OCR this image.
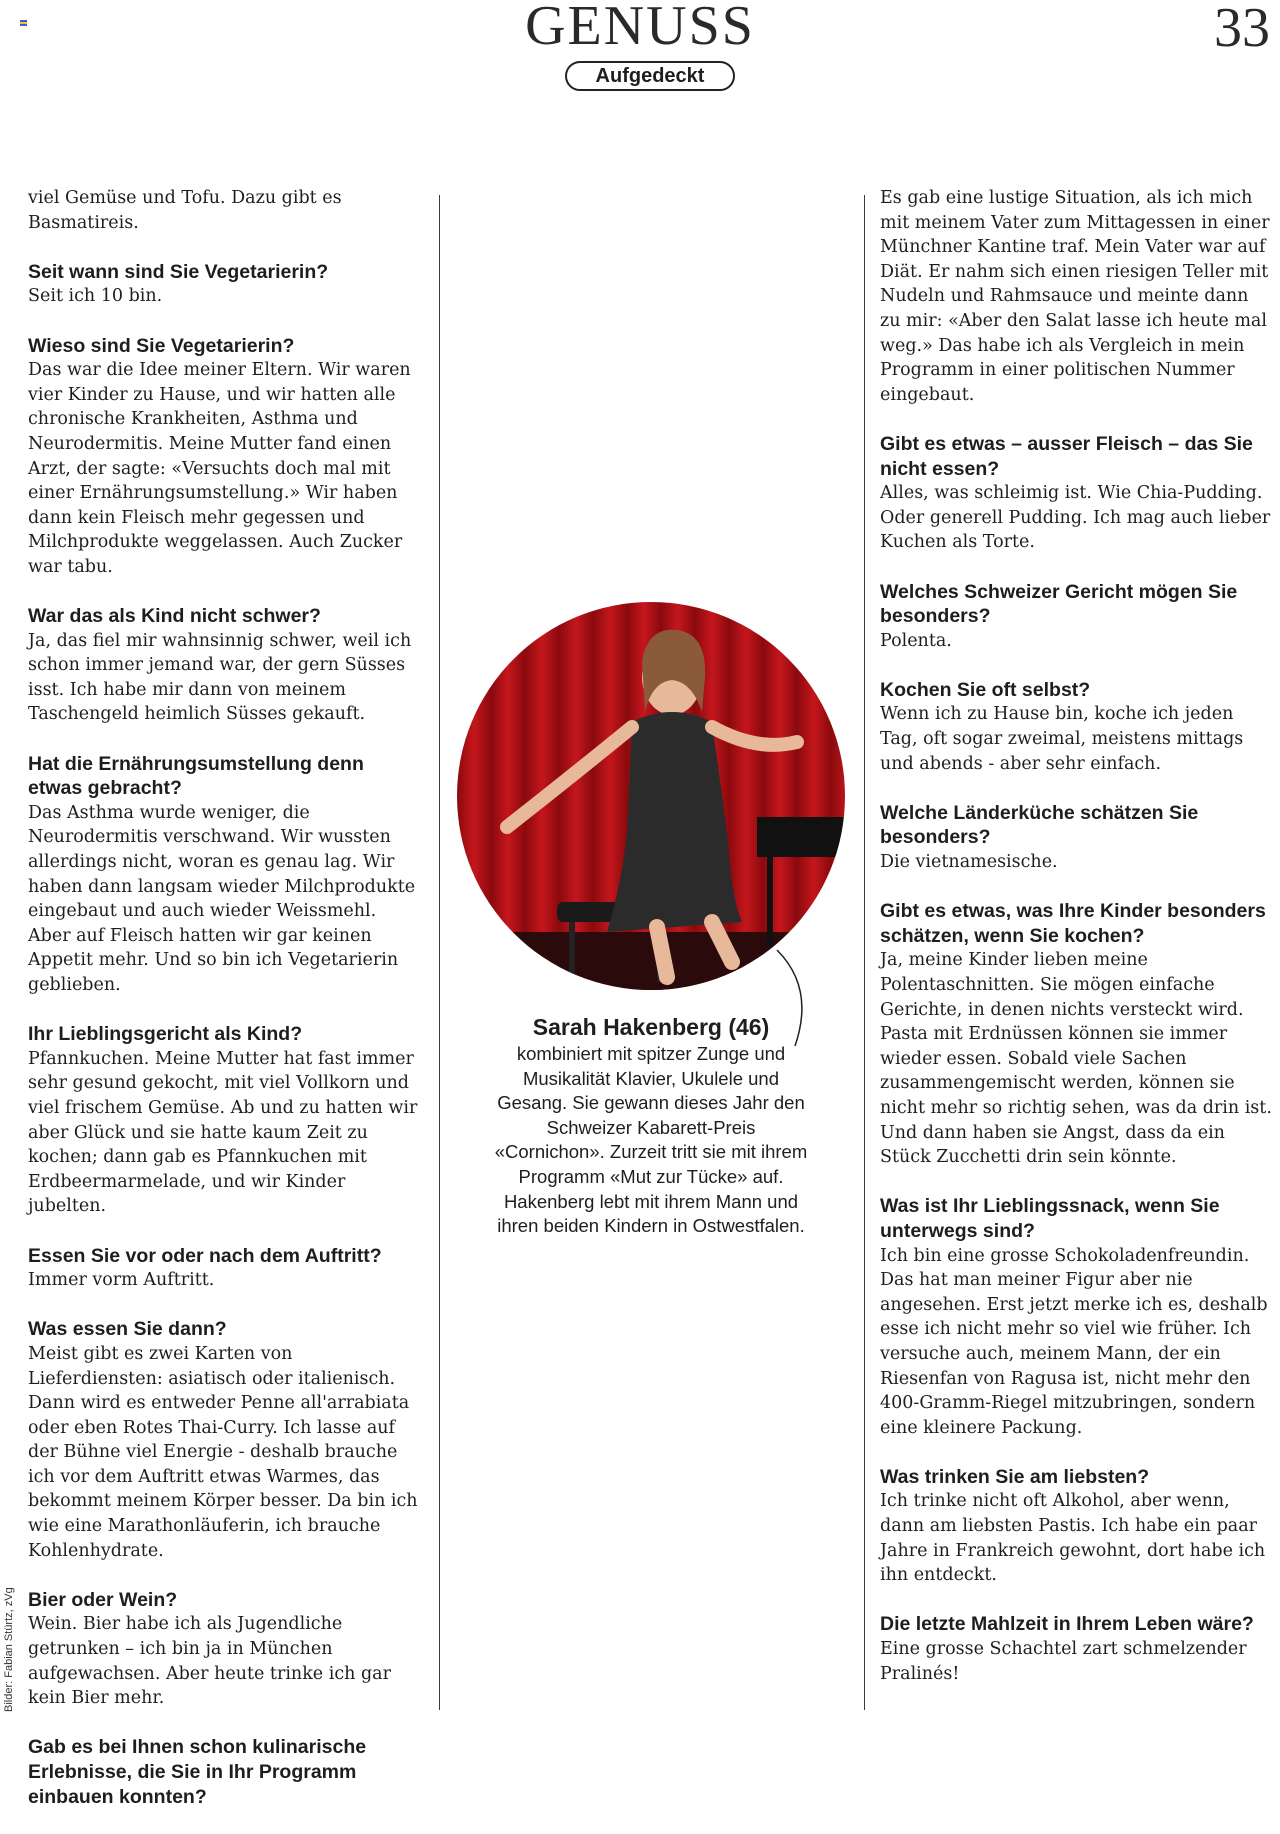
GENUSS
Aufgedeckt
33

viel Gemüse und Tofu. Dazu gibt es Basmatireis.

Seit wann sind Sie Vegetarierin?
Seit ich 10 bin.

Wieso sind Sie Vegetarierin?
Das war die Idee meiner Eltern. Wir waren vier Kinder zu Hause, und wir hatten alle chronische Krankheiten, Asthma und Neurodermitis. Meine Mutter fand einen Arzt, der sagte: «Versuchts doch mal mit einer Ernährungsumstellung.» Wir haben dann kein Fleisch mehr gegessen und Milchprodukte weggelassen. Auch Zucker war tabu.

War das als Kind nicht schwer?
Ja, das fiel mir wahnsinnig schwer, weil ich schon immer jemand war, der gern Süsses isst. Ich habe mir dann von meinem Taschengeld heimlich Süsses gekauft.

Hat die Ernährungsumstellung denn etwas gebracht?
Das Asthma wurde weniger, die Neurodermitis verschwand. Wir wussten allerdings nicht, woran es genau lag. Wir haben dann langsam wieder Milchprodukte eingebaut und auch wieder Weissmehl. Aber auf Fleisch hatten wir gar keinen Appetit mehr. Und so bin ich Vegetarierin geblieben.

Ihr Lieblingsgericht als Kind?
Pfannkuchen. Meine Mutter hat fast immer sehr gesund gekocht, mit viel Vollkorn und viel frischem Gemüse. Ab und zu hatten wir aber Glück und sie hatte kaum Zeit zu kochen; dann gab es Pfannkuchen mit Erdbeermarmelade, und wir Kinder jubelten.

Essen Sie vor oder nach dem Auftritt?
Immer vorm Auftritt.

Was essen Sie dann?
Meist gibt es zwei Karten von Lieferdiensten: asiatisch oder italienisch. Dann wird es entweder Penne all'arrabiata oder eben Rotes Thai-Curry. Ich lasse auf der Bühne viel Energie - deshalb brauche ich vor dem Auftritt etwas Warmes, das bekommt meinem Körper besser. Da bin ich wie eine Marathonläuferin, ich brauche Kohlenhydrate.

Bier oder Wein?
Wein. Bier habe ich als Jugendliche getrunken – ich bin ja in München aufgewachsen. Aber heute trinke ich gar kein Bier mehr.

Gab es bei Ihnen schon kulinarische Erlebnisse, die Sie in Ihr Programm einbauen konnten?

Es gab eine lustige Situation, als ich mich mit meinem Vater zum Mittagessen in einer Münchner Kantine traf. Mein Vater war auf Diät. Er nahm sich einen riesigen Teller mit Nudeln und Rahmsauce und meinte dann zu mir: «Aber den Salat lasse ich heute mal weg.» Das habe ich als Vergleich in mein Programm in einer politischen Nummer eingebaut.

Gibt es etwas – ausser Fleisch – das Sie nicht essen?
Alles, was schleimig ist. Wie Chia-Pudding. Oder generell Pudding. Ich mag auch lieber Kuchen als Torte.

Welches Schweizer Gericht mögen Sie besonders?
Polenta.

Kochen Sie oft selbst?
Wenn ich zu Hause bin, koche ich jeden Tag, oft sogar zweimal, meistens mittags und abends - aber sehr einfach.

Welche Länderküche schätzen Sie besonders?
Die vietnamesische.

Gibt es etwas, was Ihre Kinder besonders schätzen, wenn Sie kochen?
Ja, meine Kinder lieben meine Polentaschnitten. Sie mögen einfache Gerichte, in denen nichts versteckt wird. Pasta mit Erdnüssen können sie immer wieder essen. Sobald viele Sachen zusammengemischt werden, können sie nicht mehr so richtig sehen, was da drin ist. Und dann haben sie Angst, dass da ein Stück Zucchetti drin sein könnte.

Was ist Ihr Lieblingssnack, wenn Sie unterwegs sind?
Ich bin eine grosse Schokoladenfreundin. Das hat man meiner Figur aber nie angesehen. Erst jetzt merke ich es, deshalb esse ich nicht mehr so viel wie früher. Ich versuche auch, meinem Mann, der ein Riesenfan von Ragusa ist, nicht mehr den 400-Gramm-Riegel mitzubringen, sondern eine kleinere Packung.

Was trinken Sie am liebsten?
Ich trinke nicht oft Alkohol, aber wenn, dann am liebsten Pastis. Ich habe ein paar Jahre in Frankreich gewohnt, dort habe ich ihn entdeckt.

Die letzte Mahlzeit in Ihrem Leben wäre?
Eine grosse Schachtel zart schmelzender Pralinés!

Sarah Hakenberg (46)
kombiniert mit spitzer Zunge und Musikalität Klavier, Ukulele und Gesang. Sie gewann dieses Jahr den Schweizer Kabarett-Preis «Cornichon». Zurzeit tritt sie mit ihrem Programm «Mut zur Tücke» auf. Hakenberg lebt mit ihrem Mann und ihren beiden Kindern in Ostwestfalen.
Bilder: Fabian Stürtz, zVg
